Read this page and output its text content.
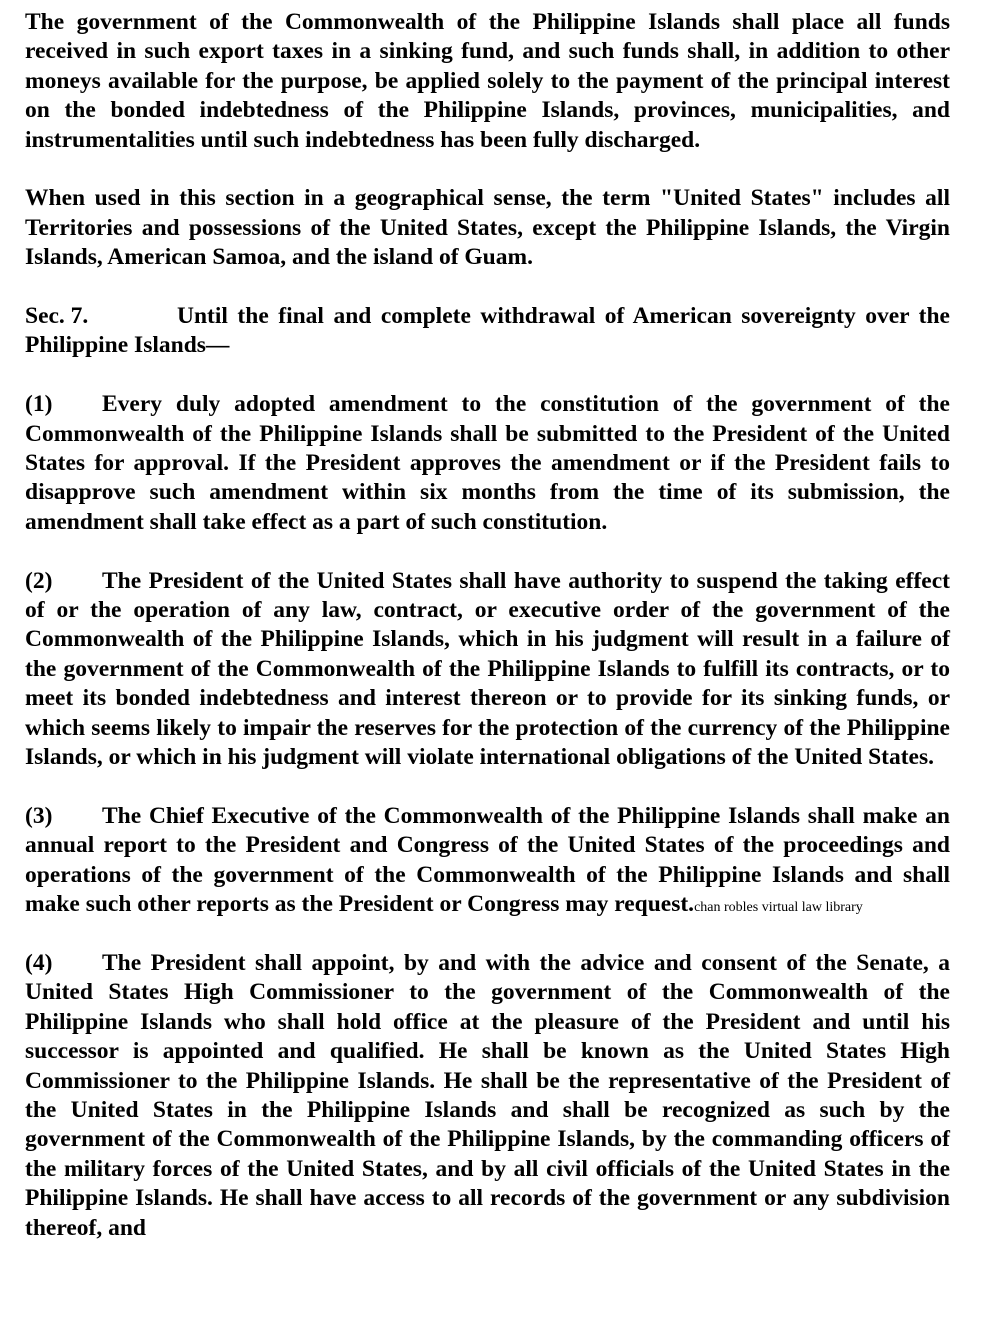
The government of the Commonwealth of the Philippine Islands shall place all funds received in such export taxes in a sinking fund, and such funds shall, in addition to other moneys available for the purpose, be applied solely to the payment of the principal interest on the bonded indebtedness of the Philippine Islands, provinces, municipalities, and instrumentalities until such indebtedness has been fully discharged.

When used in this section in a geographical sense, the term "United States" includes all Territories and possessions of the United States, except the Philippine Islands, the Virgin Islands, American Samoa, and the island of Guam.

Sec. 7.	Until the final and complete withdrawal of American sovereignty over the Philippine Islands—

(1) Every duly adopted amendment to the constitution of the government of the Commonwealth of the Philippine Islands shall be submitted to the President of the United States for approval. If the President approves the amendment or if the President fails to disapprove such amendment within six months from the time of its submission, the amendment shall take effect as a part of such constitution.

(2) The President of the United States shall have authority to suspend the taking effect of or the operation of any law, contract, or executive order of the government of the Commonwealth of the Philippine Islands, which in his judgment will result in a failure of the government of the Commonwealth of the Philippine Islands to fulfill its contracts, or to meet its bonded indebtedness and interest thereon or to provide for its sinking funds, or which seems likely to impair the reserves for the protection of the currency of the Philippine Islands, or which in his judgment will violate international obligations of the United States.

(3) The Chief Executive of the Commonwealth of the Philippine Islands shall make an annual report to the President and Congress of the United States of the proceedings and operations of the government of the Commonwealth of the Philippine Islands and shall make such other reports as the President or Congress may request.chan robles virtual law library

(4) The President shall appoint, by and with the advice and consent of the Senate, a United States High Commissioner to the government of the Commonwealth of the Philippine Islands who shall hold office at the pleasure of the President and until his successor is appointed and qualified. He shall be known as the United States High Commissioner to the Philippine Islands. He shall be the representative of the President of the United States in the Philippine Islands and shall be recognized as such by the government of the Commonwealth of the Philippine Islands, by the commanding officers of the military forces of the United States, and by all civil officials of the United States in the Philippine Islands. He shall have access to all records of the government or any subdivision thereof, and
